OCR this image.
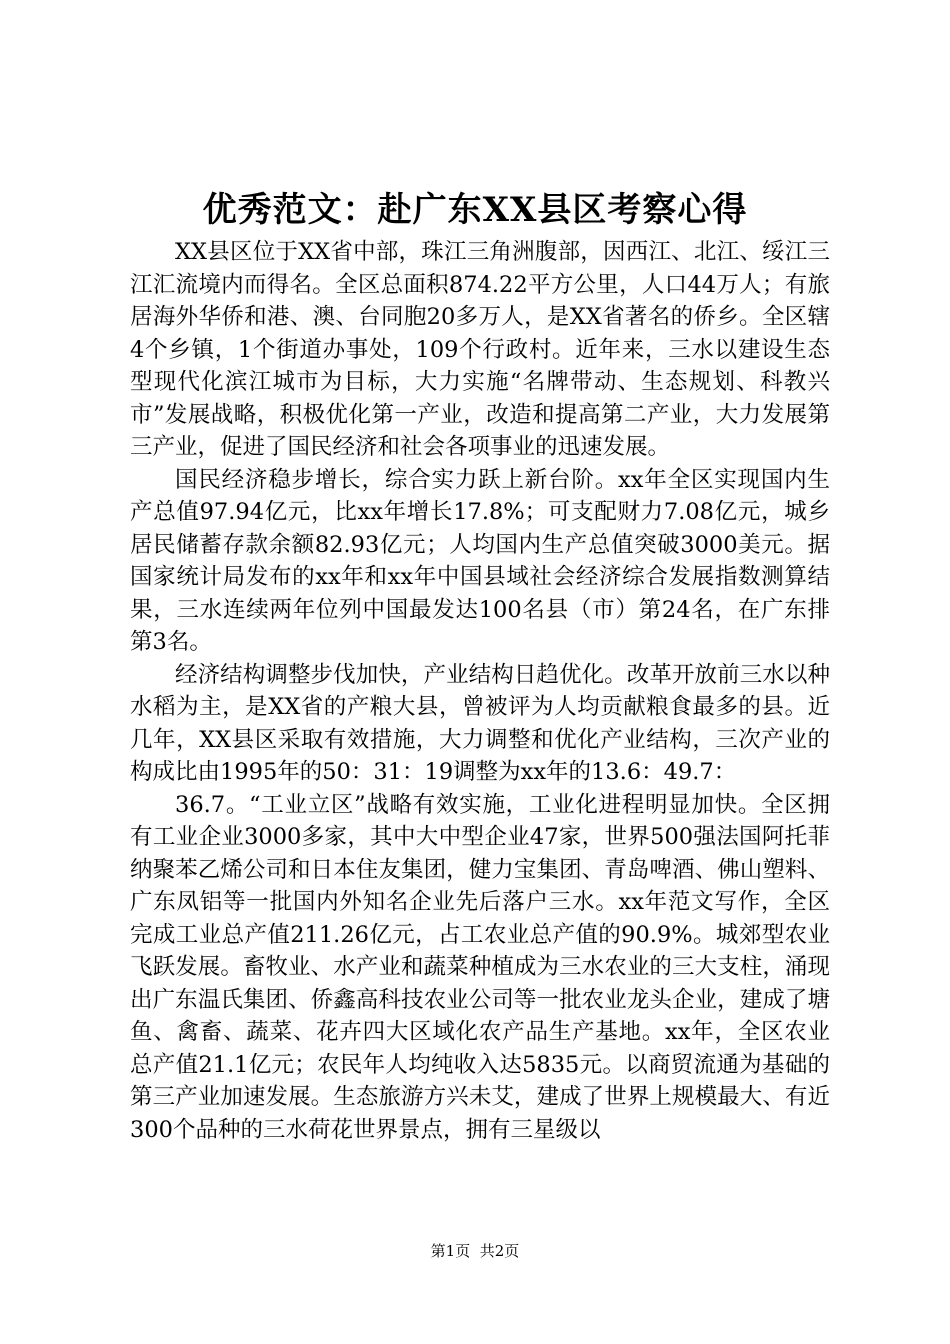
优秀范文：赴广东XX县区考察心得

XX县区位于XX省中部，珠江三角洲腹部，因西江、北江、绥江三江汇流境内而得名。全区总面积874.22平方公里，人口44万人；有旅居海外华侨和港、澳、台同胞20多万人，是XX省著名的侨乡。全区辖4个乡镇，1个街道办事处，109个行政村。近年来，三水以建设生态型现代化滨江城市为目标，大力实施“名牌带动、生态规划、科教兴市”发展战略，积极优化第一产业，改造和提高第二产业，大力发展第三产业，促进了国民经济和社会各项事业的迅速发展。

国民经济稳步增长，综合实力跃上新台阶。xx年全区实现国内生产总值97.94亿元，比xx年增长17.8%；可支配财力7.08亿元，城乡居民储蓄存款余额82.93亿元；人均国内生产总值突破3000美元。据国家统计局发布的xx年和xx年中国县域社会经济综合发展指数测算结果，三水连续两年位列中国最发达100名县（市）第24名，在广东排第3名。

经济结构调整步伐加快，产业结构日趋优化。改革开放前三水以种水稻为主，是XX省的产粮大县，曾被评为人均贡献粮食最多的县。近几年，XX县区采取有效措施，大力调整和优化产业结构，三次产业的构成比由1995年的50：31：19调整为xx年的13.6：49.7：

36.7。“工业立区”战略有效实施，工业化进程明显加快。全区拥有工业企业3000多家，其中大中型企业47家，世界500强法国阿托菲纳聚苯乙烯公司和日本住友集团，健力宝集团、青岛啤酒、佛山塑料、广东凤铝等一批国内外知名企业先后落户三水。xx年范文写作，全区完成工业总产值211.26亿元，占工农业总产值的90.9%。城郊型农业飞跃发展。畜牧业、水产业和蔬菜种植成为三水农业的三大支柱，涌现出广东温氏集团、侨鑫高科技农业公司等一批农业龙头企业，建成了塘鱼、禽畜、蔬菜、花卉四大区域化农产品生产基地。xx年，全区农业总产值21.1亿元；农民年人均纯收入达5835元。以商贸流通为基础的第三产业加速发展。生态旅游方兴未艾，建成了世界上规模最大、有近300个品种的三水荷花世界景点，拥有三星级以

第1页 共2页
